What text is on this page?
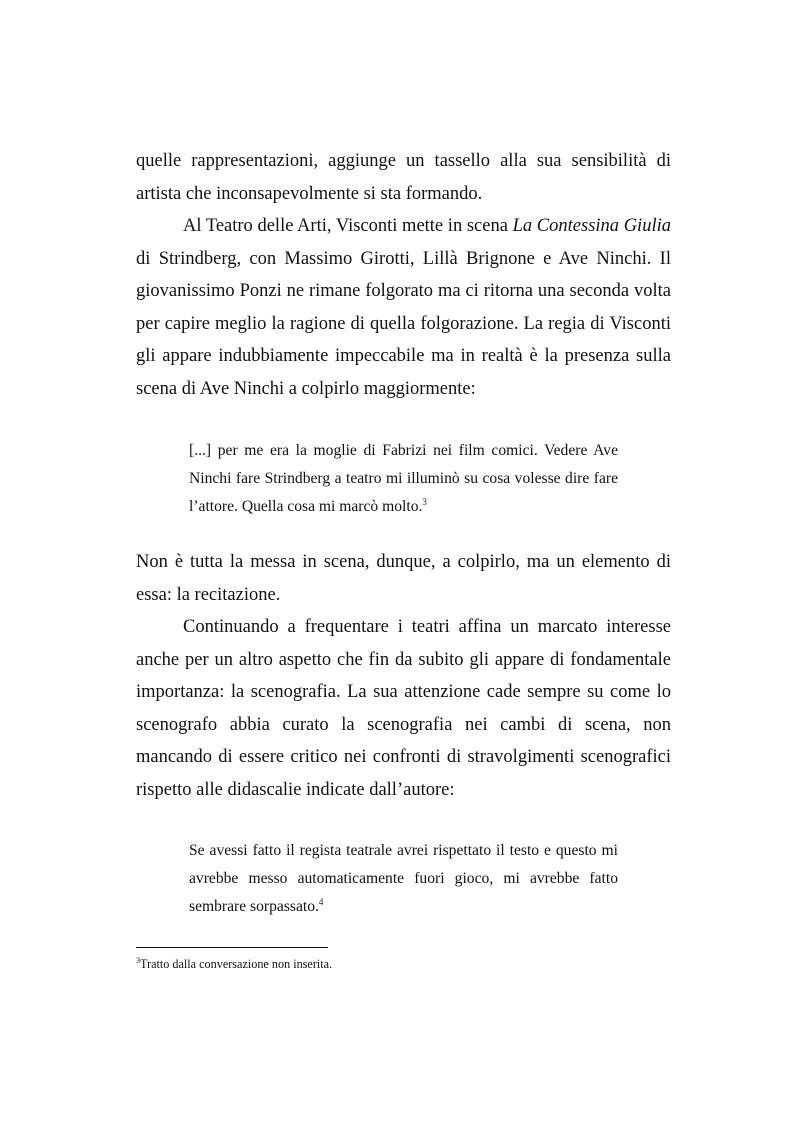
quelle rappresentazioni, aggiunge un tassello alla sua sensibilità di artista che inconsapevolmente si sta formando.

Al Teatro delle Arti, Visconti mette in scena La Contessina Giulia di Strindberg, con Massimo Girotti, Lillà Brignone e Ave Ninchi. Il giovanissimo Ponzi ne rimane folgorato ma ci ritorna una seconda volta per capire meglio la ragione di quella folgorazione. La regia di Visconti gli appare indubbiamente impeccabile ma in realtà è la presenza sulla scena di Ave Ninchi a colpirlo maggiormente:

[...] per me era la moglie di Fabrizi nei film comici. Vedere Ave Ninchi fare Strindberg a teatro mi illuminò su cosa volesse dire fare l’attore. Quella cosa mi marcò molto.$^3$

Non è tutta la messa in scena, dunque, a colpirlo, ma un elemento di essa: la recitazione.

Continuando a frequentare i teatri affina un marcato interesse anche per un altro aspetto che fin da subito gli appare di fondamentale importanza: la scenografia. La sua attenzione cade sempre su come lo scenografo abbia curato la scenografia nei cambi di scena, non mancando di essere critico nei confronti di stravolgimenti scenografici rispetto alle didascalie indicate dall’autore:

Se avessi fatto il regista teatrale avrei rispettato il testo e questo mi avrebbe messo automaticamente fuori gioco, mi avrebbe fatto sembrare sorpassato.$^4$

$^3$Tratto dalla conversazione non inserita.
